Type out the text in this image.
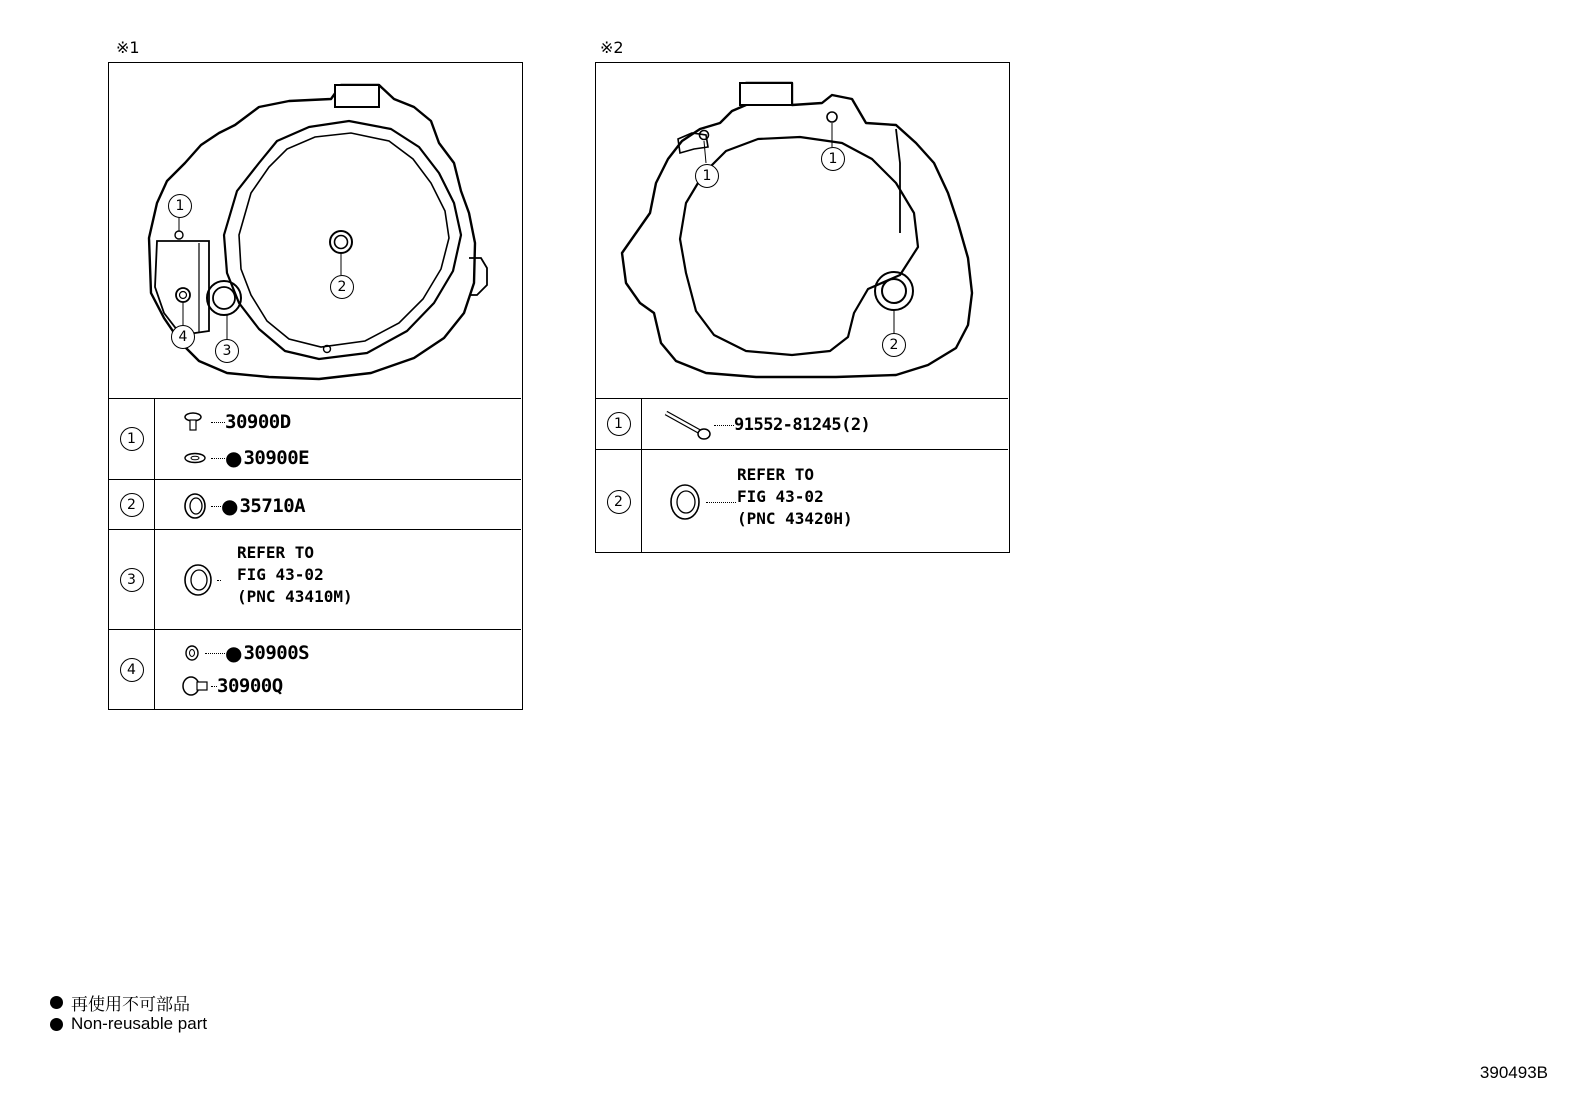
※1
1
2
3
4
1
30900D
● 30900E
2	● 35710A
3
REFER TO
FIG 43-02
(PNC 43410M)
4
● 30900S
30900Q
※2
1
1
2
1	91552-81245(2)
2
REFER TO
FIG 43-02
(PNC 43420H)
再使用不可部品
Non-reusable part
390493B
